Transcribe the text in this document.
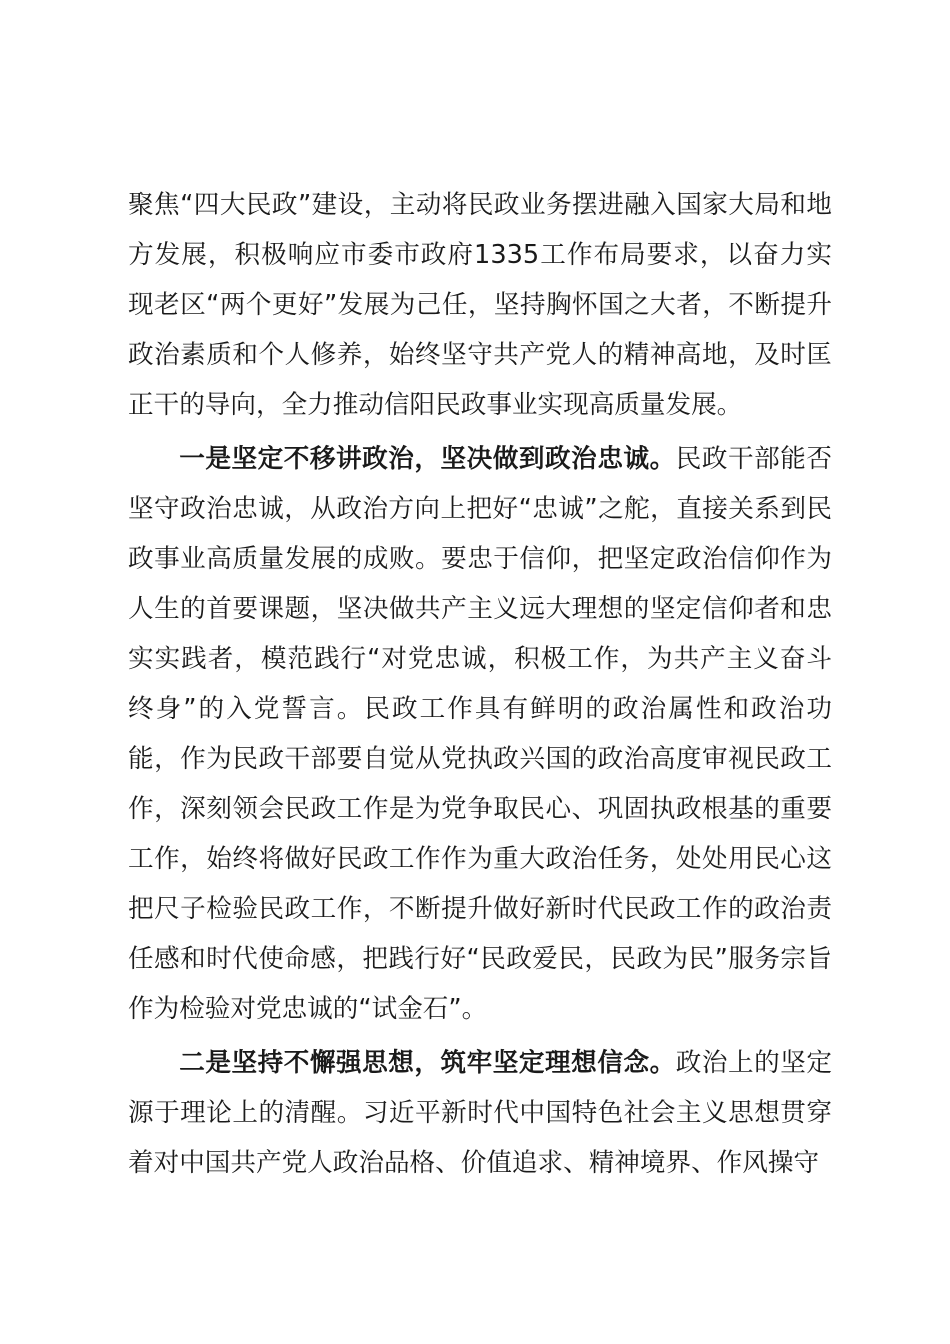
聚焦“四大民政”建设，主动将民政业务摆进融入国家大局和地方发展，积极响应市委市政府1335工作布局要求，以奋力实现老区“两个更好”发展为己任，坚持胸怀国之大者，不断提升政治素质和个人修养，始终坚守共产党人的精神高地，及时匡正干的导向，全力推动信阳民政事业实现高质量发展。

一是坚定不移讲政治，坚决做到政治忠诚。民政干部能否坚守政治忠诚，从政治方向上把好“忠诚”之舵，直接关系到民政事业高质量发展的成败。要忠于信仰，把坚定政治信仰作为人生的首要课题，坚决做共产主义远大理想的坚定信仰者和忠实实践者，模范践行“对党忠诚，积极工作，为共产主义奋斗终身”的入党誓言。民政工作具有鲜明的政治属性和政治功能，作为民政干部要自觉从党执政兴国的政治高度审视民政工作，深刻领会民政工作是为党争取民心、巩固执政根基的重要工作，始终将做好民政工作作为重大政治任务，处处用民心这把尺子检验民政工作，不断提升做好新时代民政工作的政治责任感和时代使命感，把践行好“民政爱民，民政为民”服务宗旨作为检验对党忠诚的“试金石”。

二是坚持不懈强思想，筑牢坚定理想信念。政治上的坚定源于理论上的清醒。习近平新时代中国特色社会主义思想贯穿着对中国共产党人政治品格、价值追求、精神境界、作风操守
